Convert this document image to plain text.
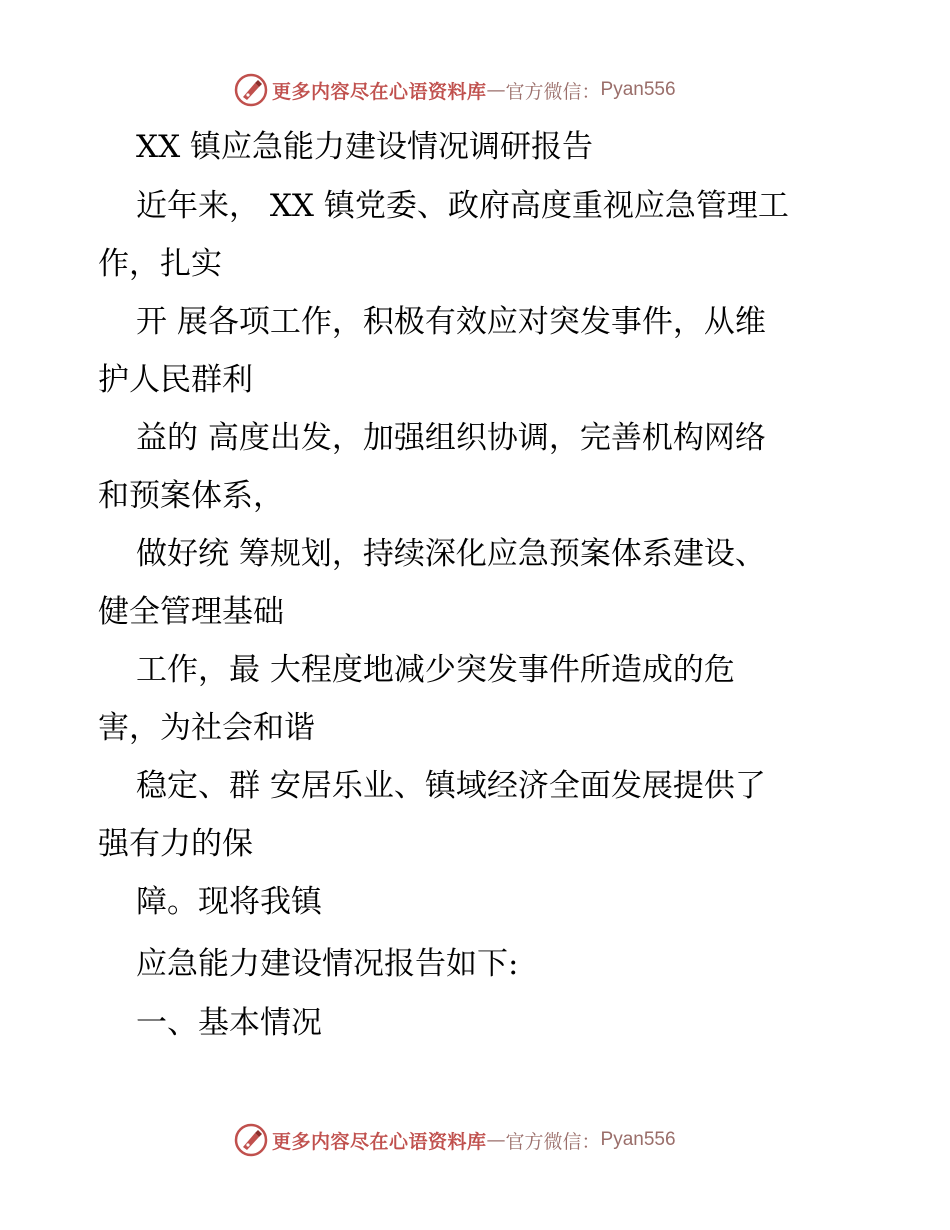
更多内容尽在心语资料库 — 官方微信： Pyan556
XX 镇应急能力建设情况调研报告
近年来， XX 镇党委、政府高度重视应急管理工
作，扎实
开 展各项工作，积极有效应对突发事件，从维
护人民群利
益的 高度出发，加强组织协调，完善机构网络
和预案体系，
做好统 筹规划，持续深化应急预案体系建设、
健全管理基础
工作，最 大程度地减少突发事件所造成的危
害，为社会和谐
稳定、群 安居乐业、镇域经济全面发展提供了
强有力的保
障。现将我镇
应急能力建设情况报告如下:
一、基本情况
更多内容尽在心语资料库 — 官方微信： Pyan556
